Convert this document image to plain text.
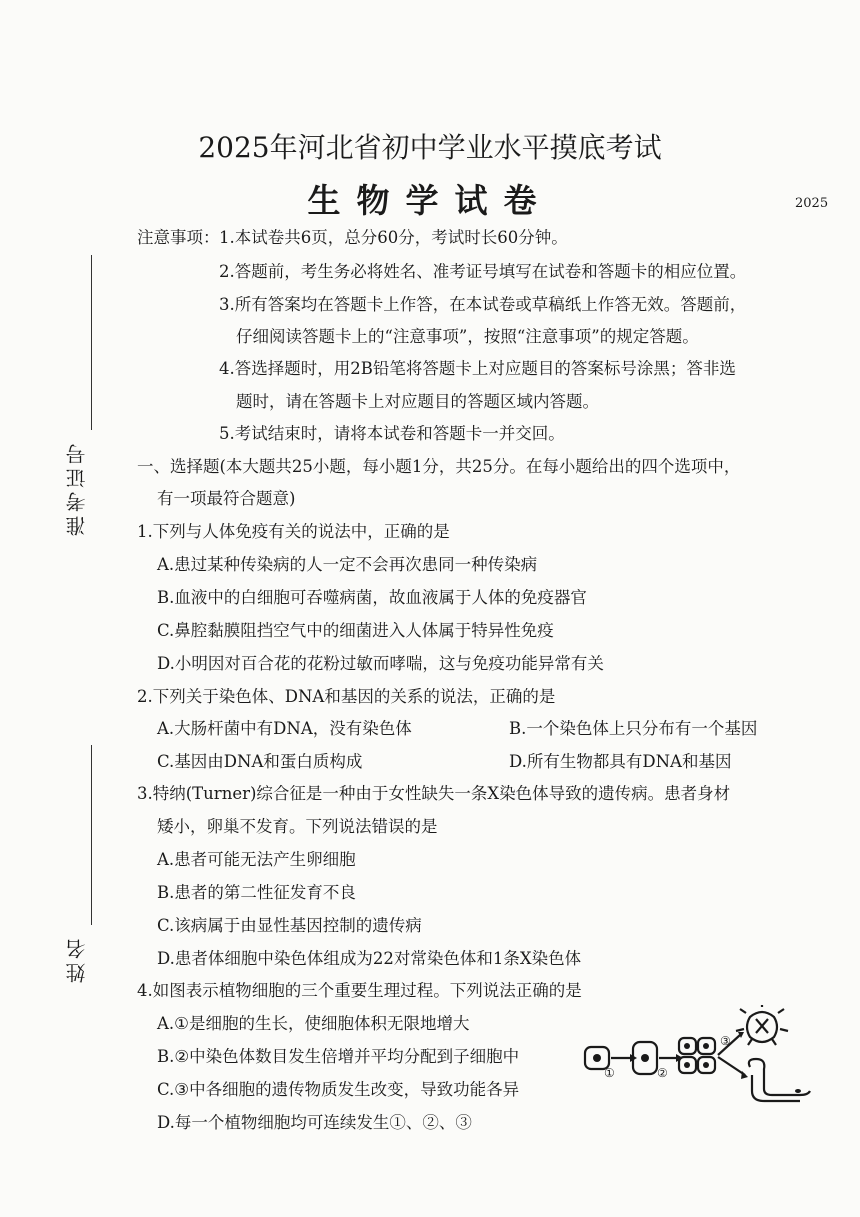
2025年河北省初中学业水平摸底考试
生物学试卷	2025
准考证号
姓名
注意事项： 1.本试卷共6页，总分60分，考试时长60分钟。
2.答题前，考生务必将姓名、准考证号填写在试卷和答题卡的相应位置。
3.所有答案均在答题卡上作答，在本试卷或草稿纸上作答无效。答题前，
仔细阅读答题卡上的“注意事项”，按照“注意事项”的规定答题。
4.答选择题时，用2B铅笔将答题卡上对应题目的答案标号涂黑；答非选
题时，请在答题卡上对应题目的答题区域内答题。
5.考试结束时，请将本试卷和答题卡一并交回。
一、选择题(本大题共25小题，每小题1分，共25分。在每小题给出的四个选项中，
有一项最符合题意)
1.下列与人体免疫有关的说法中，正确的是
A.患过某种传染病的人一定不会再次患同一种传染病
B.血液中的白细胞可吞噬病菌，故血液属于人体的免疫器官
C.鼻腔黏膜阻挡空气中的细菌进入人体属于特异性免疫
D.小明因对百合花的花粉过敏而哮喘，这与免疫功能异常有关
2.下列关于染色体、DNA和基因的关系的说法，正确的是
A.大肠杆菌中有DNA，没有染色体	B.一个染色体上只分布有一个基因
C.基因由DNA和蛋白质构成	D.所有生物都具有DNA和基因
3.特纳(Turner)综合征是一种由于女性缺失一条X染色体导致的遗传病。患者身材
矮小，卵巢不发育。下列说法错误的是
A.患者可能无法产生卵细胞
B.患者的第二性征发育不良
C.该病属于由显性基因控制的遗传病
D.患者体细胞中染色体组成为22对常染色体和1条X染色体
4.如图表示植物细胞的三个重要生理过程。下列说法正确的是
A.①是细胞的生长，使细胞体积无限地增大
B.②中染色体数目发生倍增并平均分配到子细胞中
C.③中各细胞的遗传物质发生改变，导致功能各异
D.每一个植物细胞均可连续发生①、②、③
①	②
③
